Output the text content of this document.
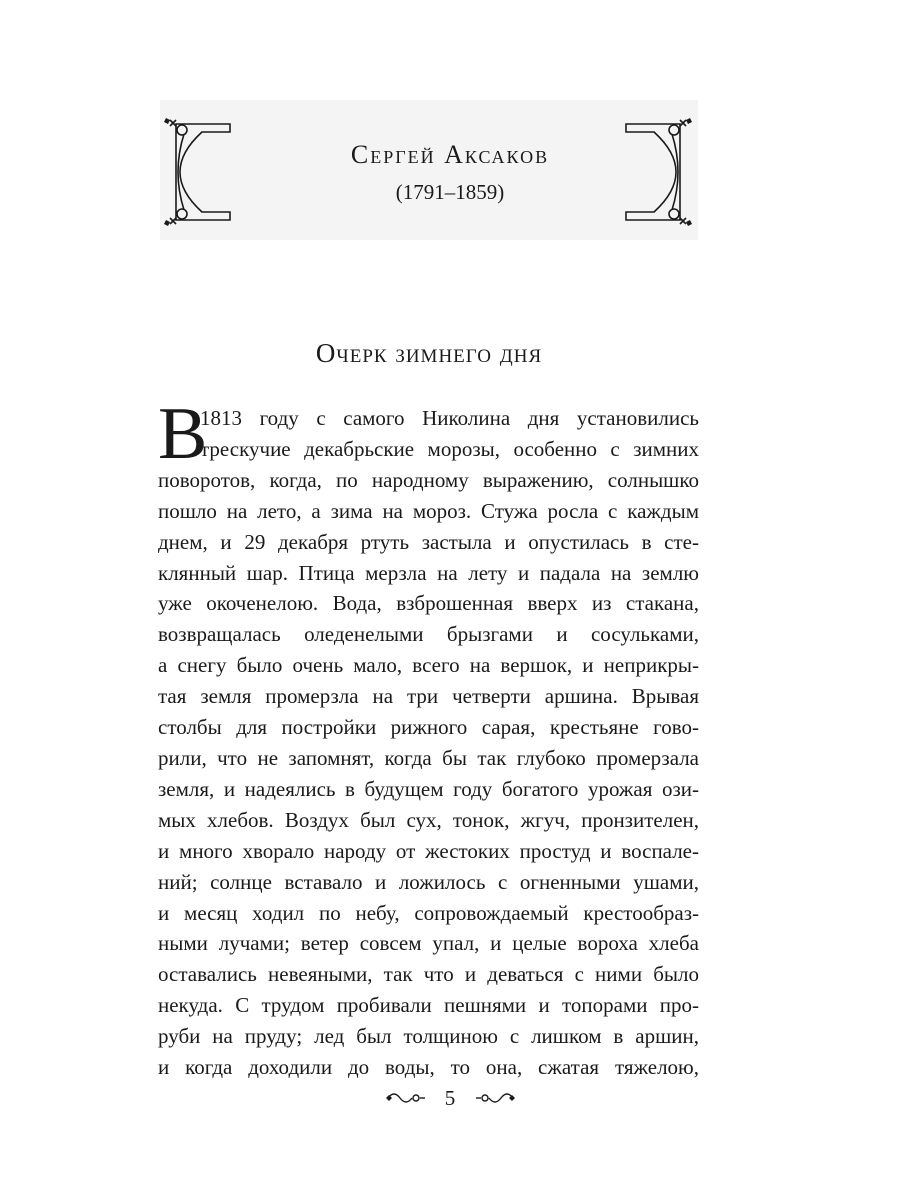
Сергей Аксаков
(1791–1859)
Очерк зимнего дня
В
1813 году с самого Николина дня установились
трескучие декабрьские морозы, особенно с зимних
поворотов, когда, по народному выражению, солнышко
пошло на лето, а зима на мороз. Стужа росла с каждым
днем, и 29 декабря ртуть застыла и опустилась в сте-
клянный шар. Птица мерзла на лету и падала на землю
уже окоченелою. Вода, взброшенная вверх из стакана,
возвращалась оледенелыми брызгами и сосульками,
а снегу было очень мало, всего на вершок, и неприкры-
тая земля промерзла на три четверти аршина. Врывая
столбы для постройки рижного сарая, крестьяне гово-
рили, что не запомнят, когда бы так глубоко промерзала
земля, и надеялись в будущем году богатого урожая ози-
мых хлебов. Воздух был сух, тонок, жгуч, пронзителен,
и много хворало народу от жестоких простуд и воспале-
ний; солнце вставало и ложилось с огненными ушами,
и месяц ходил по небу, сопровождаемый крестообраз-
ными лучами; ветер совсем упал, и целые вороха хлеба
оставались невеяными, так что и деваться с ними было
некуда. С трудом пробивали пешнями и топорами про-
руби на пруду; лед был толщиною с лишком в аршин,
и когда доходили до воды, то она, сжатая тяжелою,
5
